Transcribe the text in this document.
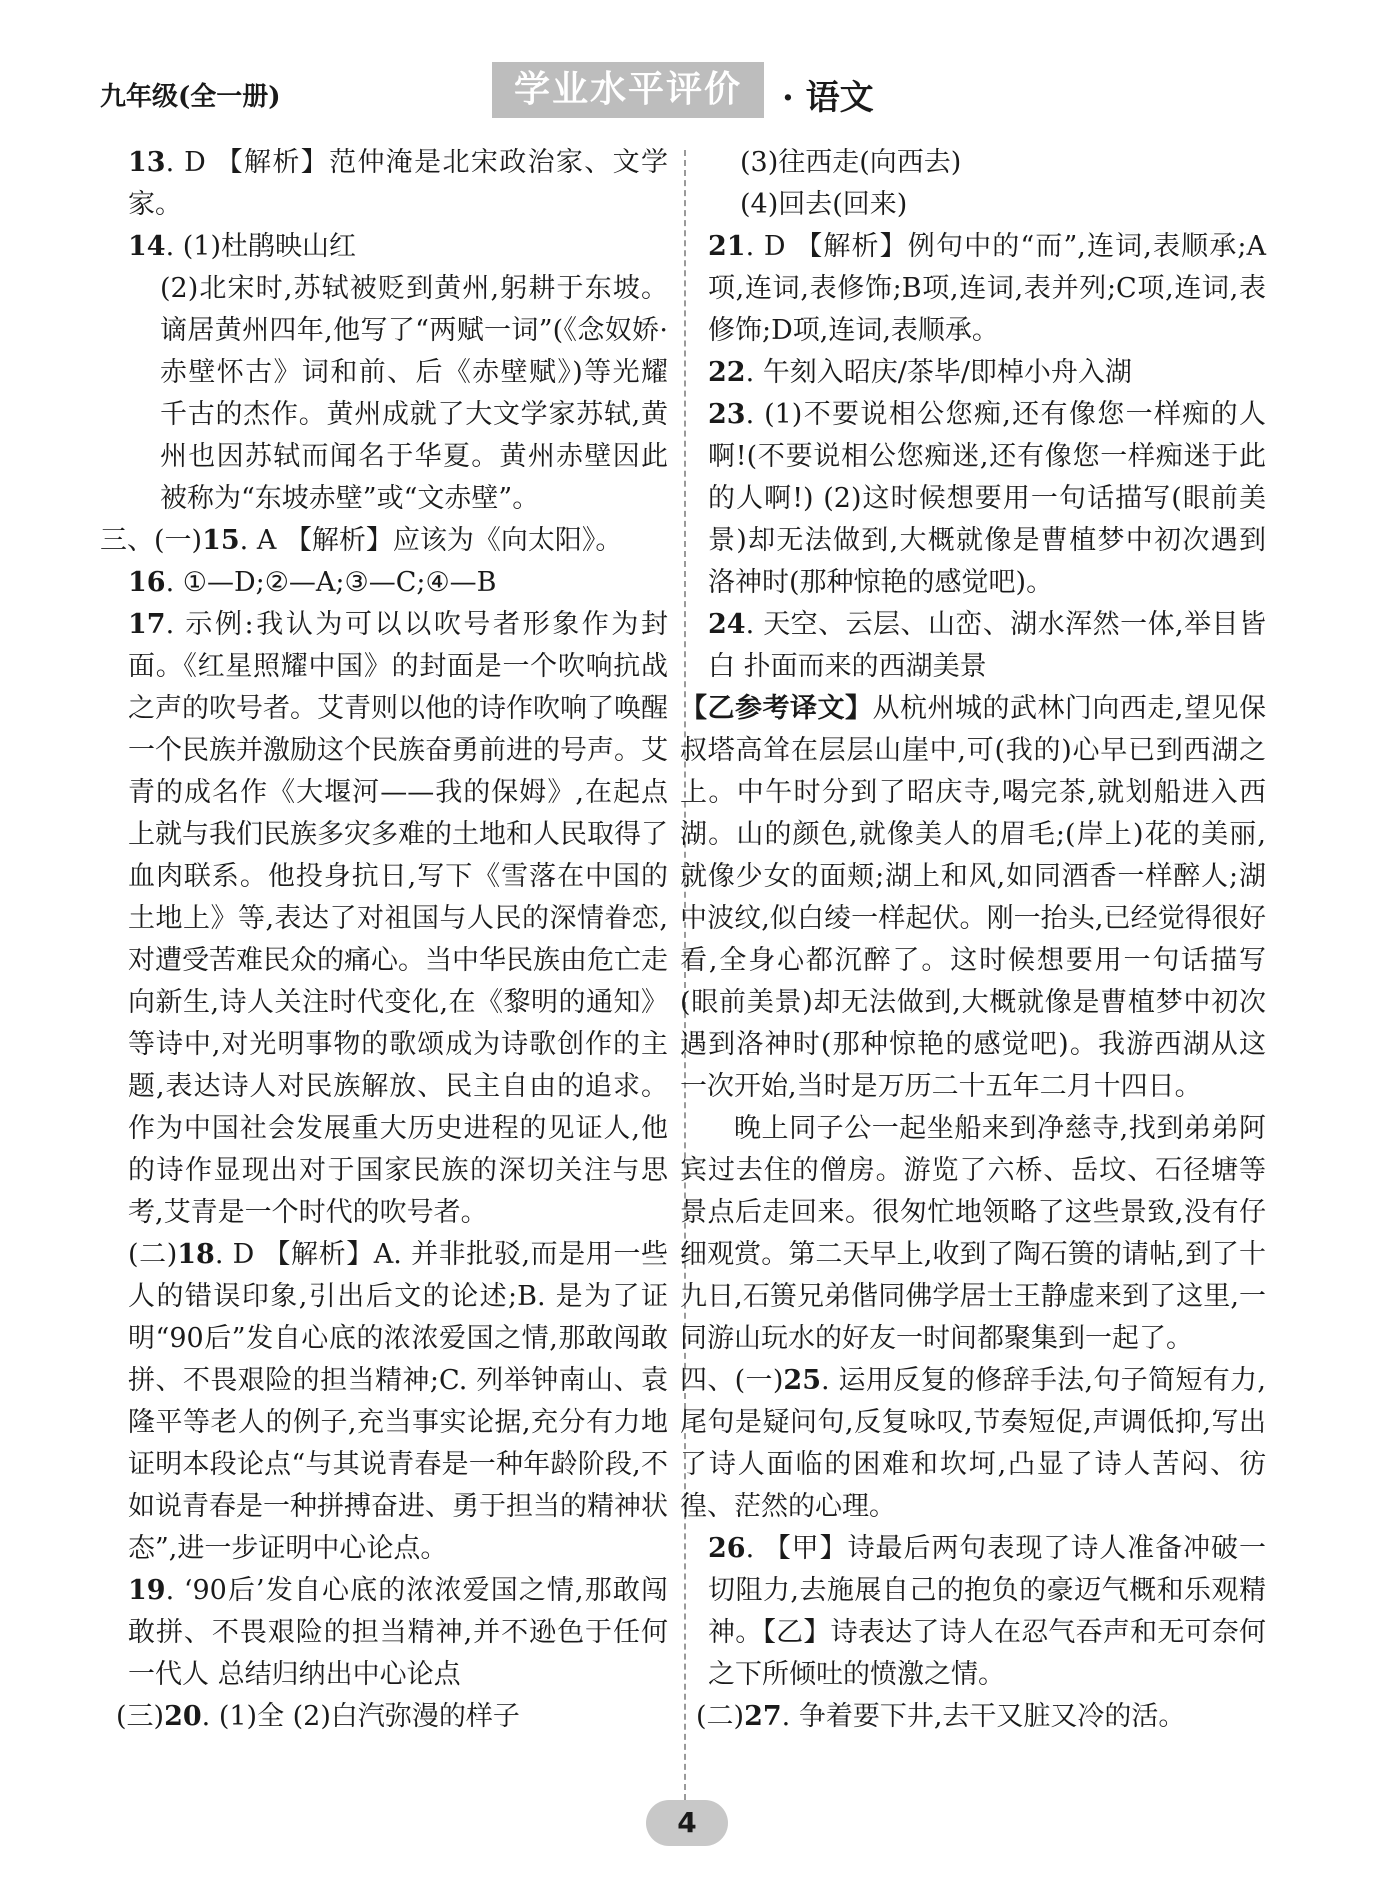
九年级(全一册)	学业水平评价	· 语文

13. D 【解析】范仲淹是北宋政治家、文学家。

14. (1)杜鹃映山红

(2)北宋时,苏轼被贬到黄州,躬耕于东坡。谪居黄州四年,他写了“两赋一词”(《念奴娇·赤壁怀古》词和前、后《赤壁赋》)等光耀千古的杰作。黄州成就了大文学家苏轼,黄州也因苏轼而闻名于华夏。黄州赤壁因此被称为“东坡赤壁”或“文赤壁”。

三、(一)15. A 【解析】应该为《向太阳》。

16. ①—D;②—A;③—C;④—B

17. 示例:我认为可以以吹号者形象作为封面。《红星照耀中国》的封面是一个吹响抗战之声的吹号者。艾青则以他的诗作吹响了唤醒一个民族并激励这个民族奋勇前进的号声。艾青的成名作《大堰河——我的保姆》,在起点上就与我们民族多灾多难的土地和人民取得了血肉联系。他投身抗日,写下《雪落在中国的土地上》等,表达了对祖国与人民的深情眷恋,对遭受苦难民众的痛心。当中华民族由危亡走向新生,诗人关注时代变化,在《黎明的通知》等诗中,对光明事物的歌颂成为诗歌创作的主题,表达诗人对民族解放、民主自由的追求。作为中国社会发展重大历史进程的见证人,他的诗作显现出对于国家民族的深切关注与思考,艾青是一个时代的吹号者。

(二)18. D 【解析】A. 并非批驳,而是用一些人的错误印象,引出后文的论述;B. 是为了证明“90后”发自心底的浓浓爱国之情,那敢闯敢拼、不畏艰险的担当精神;C. 列举钟南山、袁隆平等老人的例子,充当事实论据,充分有力地证明本段论点“与其说青春是一种年龄阶段,不如说青春是一种拼搏奋进、勇于担当的精神状态”,进一步证明中心论点。

19. ‘90后’发自心底的浓浓爱国之情,那敢闯敢拼、不畏艰险的担当精神,并不逊色于任何一代人 总结归纳出中心论点

(三)20. (1)全 (2)白汽弥漫的样子

(3)往西走(向西去)

(4)回去(回来)

21. D 【解析】例句中的“而”,连词,表顺承;A项,连词,表修饰;B项,连词,表并列;C项,连词,表修饰;D项,连词,表顺承。

22. 午刻入昭庆/茶毕/即棹小舟入湖

23. (1)不要说相公您痴,还有像您一样痴的人啊!(不要说相公您痴迷,还有像您一样痴迷于此的人啊!) (2)这时候想要用一句话描写(眼前美景)却无法做到,大概就像是曹植梦中初次遇到洛神时(那种惊艳的感觉吧)。

24. 天空、云层、山峦、湖水浑然一体,举目皆白 扑面而来的西湖美景

【乙参考译文】从杭州城的武林门向西走,望见保叔塔高耸在层层山崖中,可(我的)心早已到西湖之上。中午时分到了昭庆寺,喝完茶,就划船进入西湖。山的颜色,就像美人的眉毛;(岸上)花的美丽,就像少女的面颊;湖上和风,如同酒香一样醉人;湖中波纹,似白绫一样起伏。刚一抬头,已经觉得很好看,全身心都沉醉了。这时候想要用一句话描写(眼前美景)却无法做到,大概就像是曹植梦中初次遇到洛神时(那种惊艳的感觉吧)。我游西湖从这一次开始,当时是万历二十五年二月十四日。

晚上同子公一起坐船来到净慈寺,找到弟弟阿宾过去住的僧房。游览了六桥、岳坟、石径塘等景点后走回来。很匆忙地领略了这些景致,没有仔细观赏。第二天早上,收到了陶石篑的请帖,到了十九日,石篑兄弟偕同佛学居士王静虚来到了这里,一同游山玩水的好友一时间都聚集到一起了。

四、(一)25. 运用反复的修辞手法,句子简短有力,尾句是疑问句,反复咏叹,节奏短促,声调低抑,写出了诗人面临的困难和坎坷,凸显了诗人苦闷、彷徨、茫然的心理。

26. 【甲】诗最后两句表现了诗人准备冲破一切阻力,去施展自己的抱负的豪迈气概和乐观精神。【乙】诗表达了诗人在忍气吞声和无可奈何之下所倾吐的愤激之情。

(二)27. 争着要下井,去干又脏又冷的活。

4
